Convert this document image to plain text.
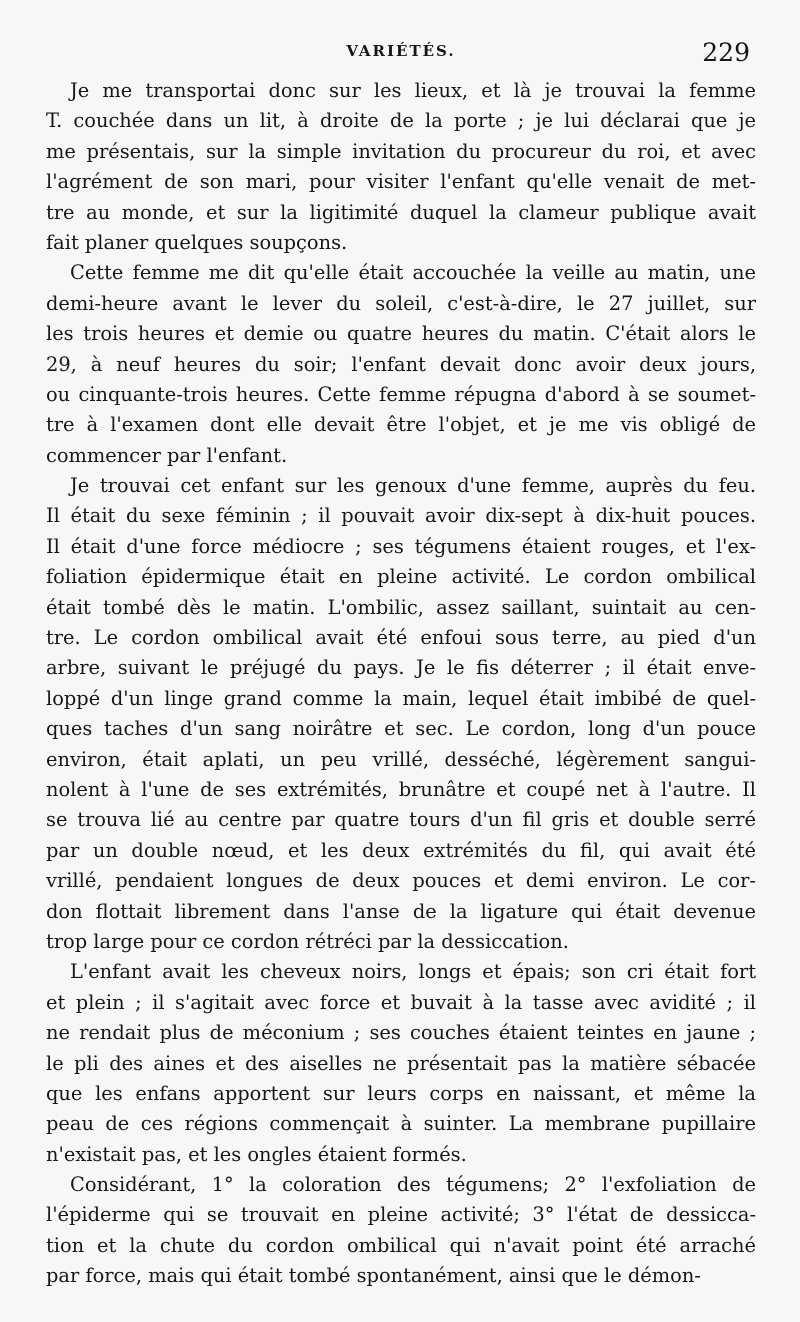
VARIÉTÉS.	229

Je me transportai donc sur les lieux, et là je trouvai la femme
T. couchée dans un lit, à droite de la porte ; je lui déclarai que je
me présentais, sur la simple invitation du procureur du roi, et avec
l'agrément de son mari, pour visiter l'enfant qu'elle venait de met-
tre au monde, et sur la ligitimité duquel la clameur publique avait
fait planer quelques soupçons.

Cette femme me dit qu'elle était accouchée la veille au matin, une
demi-heure avant le lever du soleil, c'est-à-dire, le 27 juillet, sur
les trois heures et demie ou quatre heures du matin. C'était alors le
29, à neuf heures du soir; l'enfant devait donc avoir deux jours,
ou cinquante-trois heures. Cette femme répugna d'abord à se soumet-
tre à l'examen dont elle devait être l'objet, et je me vis obligé de
commencer par l'enfant.

Je trouvai cet enfant sur les genoux d'une femme, auprès du feu.
Il était du sexe féminin ; il pouvait avoir dix-sept à dix-huit pouces.
Il était d'une force médiocre ; ses tégumens étaient rouges, et l'ex-
foliation épidermique était en pleine activité. Le cordon ombilical
était tombé dès le matin. L'ombilic, assez saillant, suintait au cen-
tre. Le cordon ombilical avait été enfoui sous terre, au pied d'un
arbre, suivant le préjugé du pays. Je le fis déterrer ; il était enve-
loppé d'un linge grand comme la main, lequel était imbibé de quel-
ques taches d'un sang noirâtre et sec. Le cordon, long d'un pouce
environ, était aplati, un peu vrillé, desséché, légèrement sangui-
nolent à l'une de ses extrémités, brunâtre et coupé net à l'autre. Il
se trouva lié au centre par quatre tours d'un fil gris et double serré
par un double nœud, et les deux extrémités du fil, qui avait été
vrillé, pendaient longues de deux pouces et demi environ. Le cor-
don flottait librement dans l'anse de la ligature qui était devenue
trop large pour ce cordon rétréci par la dessiccation.

L'enfant avait les cheveux noirs, longs et épais; son cri était fort
et plein ; il s'agitait avec force et buvait à la tasse avec avidité ; il
ne rendait plus de méconium ; ses couches étaient teintes en jaune ;
le pli des aines et des aiselles ne présentait pas la matière sébacée
que les enfans apportent sur leurs corps en naissant, et même la
peau de ces régions commençait à suinter. La membrane pupillaire
n'existait pas, et les ongles étaient formés.

Considérant, 1° la coloration des tégumens; 2° l'exfoliation de
l'épiderme qui se trouvait en pleine activité; 3° l'état de dessicca-
tion et la chute du cordon ombilical qui n'avait point été arraché
par force, mais qui était tombé spontanément, ainsi que le démon-
